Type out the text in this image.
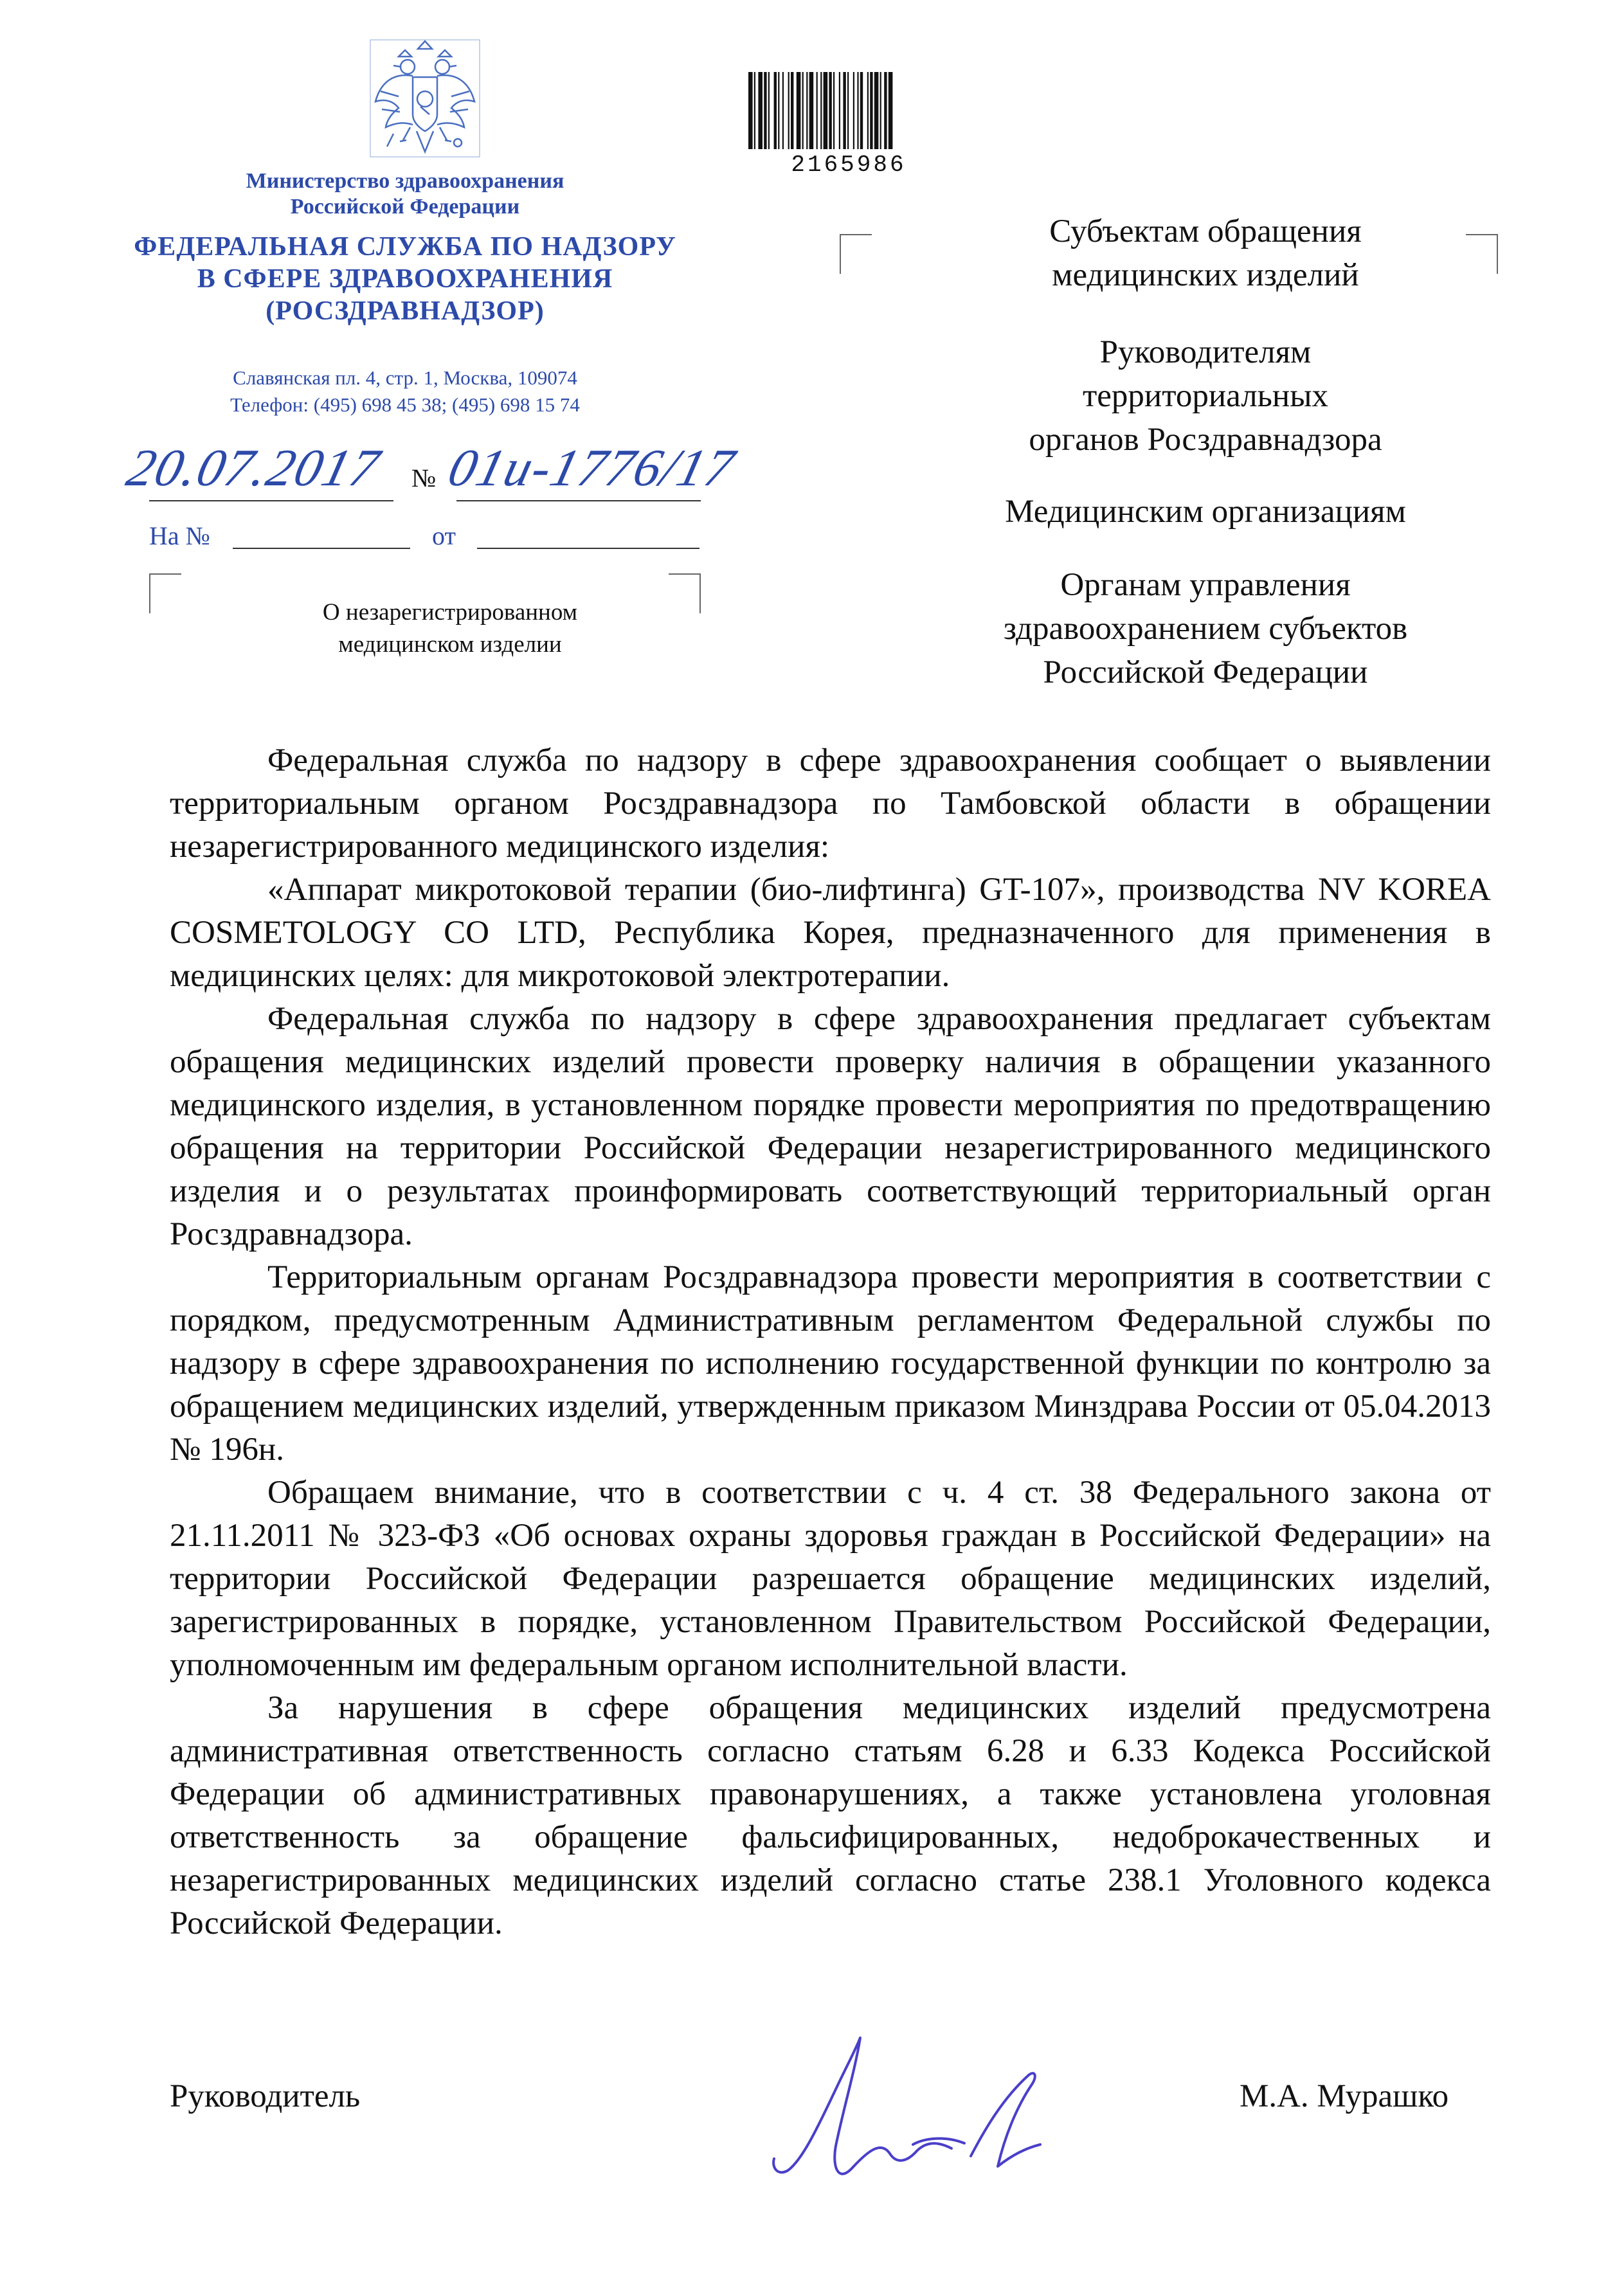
Министерство здравоохранения
Российской Федерации
ФЕДЕРАЛЬНАЯ СЛУЖБА ПО НАДЗОРУ
В СФЕРЕ ЗДРАВООХРАНЕНИЯ
(РОСЗДРАВНАДЗОР)
Славянская пл. 4, стр. 1, Москва, 109074
Телефон: (495) 698 45 38; (495) 698 15 74
20.07.2017 № 01и-1776/17
На №	от
О незарегистрированном
медицинском изделии
2165986
Субъектам обращения
медицинских изделий
Руководителям
территориальных
органов Росздравнадзора
Медицинским организациям
Органам управления
здравоохранением субъектов
Российской Федерации

Федеральная служба по надзору в сфере здравоохранения сообщает о выявлении территориальным органом Росздравнадзора по Тамбовской области в обращении незарегистрированного медицинского изделия:

«Аппарат микротоковой терапии (био-лифтинга) GT-107», производства NV KOREA COSMETOLOGY CO LTD, Республика Корея, предназначенного для применения в медицинских целях: для микротоковой электротерапии.

Федеральная служба по надзору в сфере здравоохранения предлагает субъектам обращения медицинских изделий провести проверку наличия в обращении указанного медицинского изделия, в установленном порядке провести мероприятия по предотвращению обращения на территории Российской Федерации незарегистрированного медицинского изделия и о результатах проинформировать соответствующий территориальный орган Росздравнадзора.

Территориальным органам Росздравнадзора провести мероприятия в соответствии с порядком, предусмотренным Административным регламентом Федеральной службы по надзору в сфере здравоохранения по исполнению государственной функции по контролю за обращением медицинских изделий, утвержденным приказом Минздрава России от 05.04.2013 № 196н.

Обращаем внимание, что в соответствии с ч. 4 ст. 38 Федерального закона от 21.11.2011 № 323-ФЗ «Об основах охраны здоровья граждан в Российской Федерации» на территории Российской Федерации разрешается обращение медицинских изделий, зарегистрированных в порядке, установленном Правительством Российской Федерации, уполномоченным им федеральным органом исполнительной власти.

За нарушения в сфере обращения медицинских изделий предусмотрена административная ответственность согласно статьям 6.28 и 6.33 Кодекса Российской Федерации об административных правонарушениях, а также установлена уголовная ответственность за обращение фальсифицированных, недоброкачественных и незарегистрированных медицинских изделий согласно статье 238.1 Уголовного кодекса Российской Федерации.

Руководитель	М.А. Мурашко
